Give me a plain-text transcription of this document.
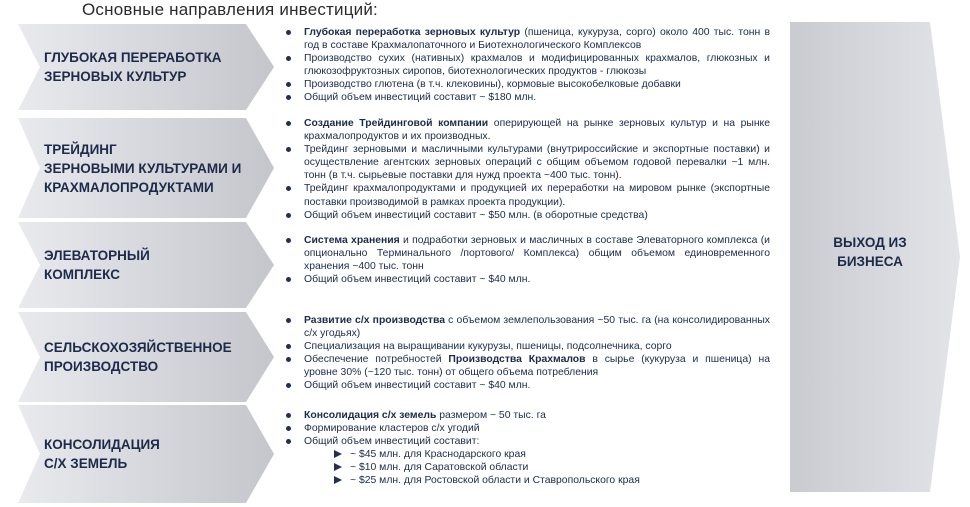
Основные направления инвестиций:
ВЫХОД ИЗ
БИЗНЕСА
ГЛУБОКАЯ ПЕРЕРАБОТКА
ЗЕРНОВЫХ КУЛЬТУР
Глубокая переработка зерновых культур (пшеница, кукуруза, сорго) около 400 тыс. тонн в год в составе Крахмалопаточного и Биотехнологического Комплексов
Производство сухих (нативных) крахмалов и модифицированных крахмалов, глюкозных и глюкозофруктозных сиропов, биотехнологических продуктов - глюкозы
Производство глютена (в т.ч. клековины), кормовые высокобелковые добавки
Общий объем инвестиций составит ~ $180 млн.
ТРЕЙДИНГ
ЗЕРНОВЫМИ КУЛЬТУРАМИ И
КРАХМАЛОПРОДУКТАМИ
Создание Трейдинговой компании оперирующей на рынке зерновых культур и на рынке крахмалопродуктов и их производных.
Трейдинг зерновыми и масличными культурами (внутрироссийские и экспортные поставки) и осуществление агентских зерновых операций с общим объемом годовой перевалки ~1 млн. тонн (в т.ч. сырьевые поставки для нужд проекта ~400 тыс. тонн).
Трейдинг крахмалопродуктами и продукцией их переработки на мировом рынке (экспортные поставки производимой в рамках проекта продукции).
Общий объем инвестиций составит ~ $50 млн. (в оборотные средства)
ЭЛЕВАТОРНЫЙ
КОМПЛЕКС
Система хранения и подработки зерновых и масличных в составе Элеваторного комплекса (и опционально Терминального /портового/ Комплекса) общим объемом единовременного хранения ~400 тыс. тонн
Общий объем инвестиций составит ~ $40 млн.
СЕЛЬСКОХОЗЯЙСТВЕННОЕ
ПРОИЗВОДСТВО
Развитие с/х производства с объемом землепользования ~50 тыс. га (на консолидированных с/х угодьях)
Специализация на выращивании кукурузы, пшеницы, подсолнечника, сорго
Обеспечение потребностей Производства Крахмалов в сырье (кукуруза и пшеница) на уровне 30% (~120 тыс. тонн) от общего объема потребления
Общий объем инвестиций составит ~ $40 млн.
КОНСОЛИДАЦИЯ
С/Х ЗЕМЕЛЬ
Консолидация с/х земель размером ~ 50 тыс. га
Формирование кластеров с/х угодий
Общий объем инвестиций составит:
~ $45 млн. для Краснодарского края
~ $10 млн. для Саратовской области
~ $25 млн. для Ростовской области и Ставропольского края
